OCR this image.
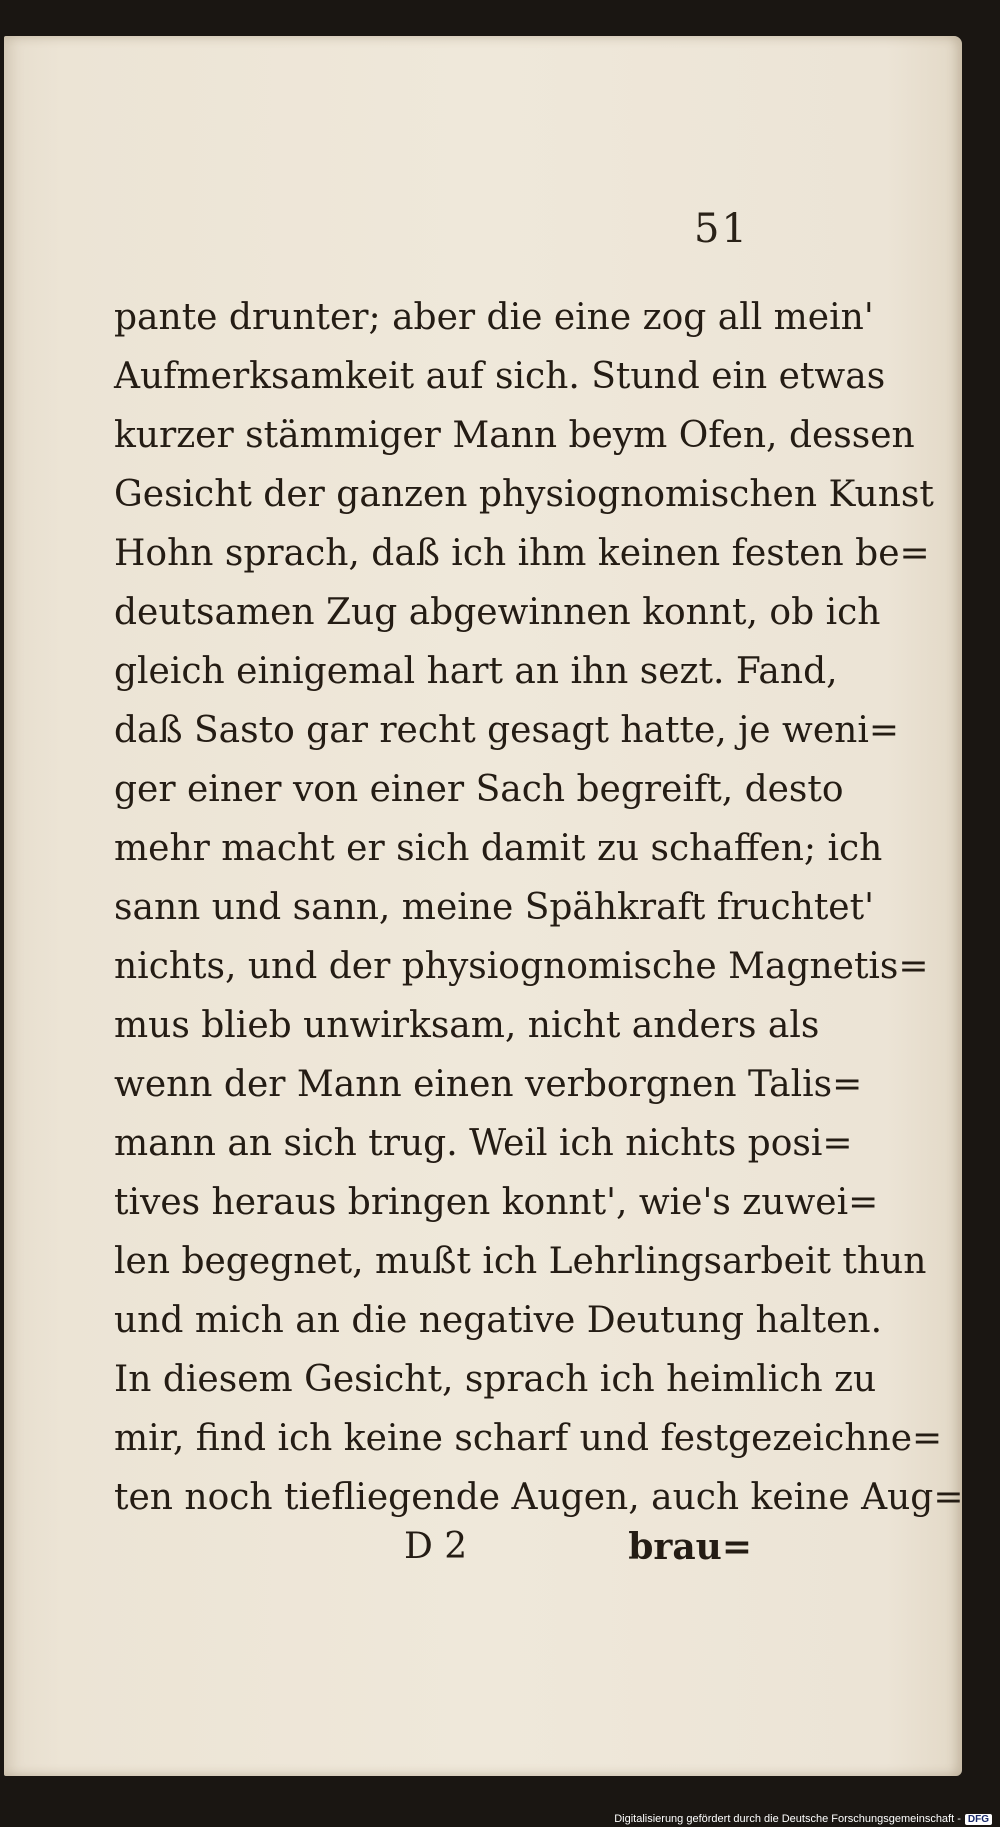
51
pante drunter; aber die eine zog all mein'
Aufmerksamkeit auf sich. Stund ein etwas
kurzer stämmiger Mann beym Ofen, dessen
Gesicht der ganzen physiognomischen Kunst
Hohn sprach, daß ich ihm keinen festen be=
deutsamen Zug abgewinnen konnt, ob ich
gleich einigemal hart an ihn sezt. Fand,
daß Sasto gar recht gesagt hatte, je weni=
ger einer von einer Sach begreift, desto
mehr macht er sich damit zu schaffen; ich
sann und sann, meine Spähkraft fruchtet'
nichts, und der physiognomische Magnetis=
mus blieb unwirksam, nicht anders als
wenn der Mann einen verborgnen Talis=
mann an sich trug. Weil ich nichts posi=
tives heraus bringen konnt', wie's zuwei=
len begegnet, mußt ich Lehrlingsarbeit thun
und mich an die negative Deutung halten.
In diesem Gesicht, sprach ich heimlich zu
mir, find ich keine scharf und festgezeichne=
ten noch tiefliegende Augen, auch keine Aug=
D 2	brau=
Digitalisierung gefördert durch die Deutsche Forschungsgemeinschaft - DFG
